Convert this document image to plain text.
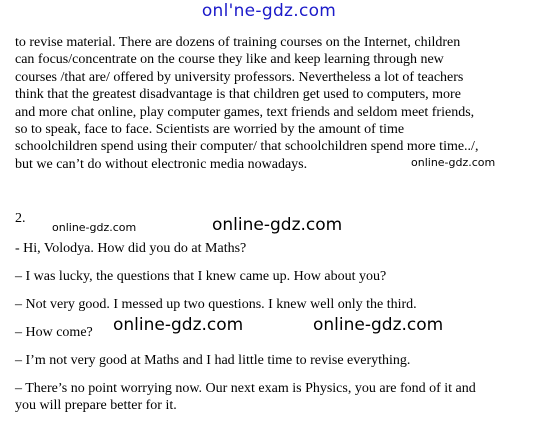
onl'ne-gdz.com
to revise material. There are dozens of training courses on the Internet, children
can focus/concentrate on the course they like and keep learning through new
courses /that are/ offered by university professors. Nevertheless a lot of teachers
think that the greatest disadvantage is that children get used to computers, more
and more chat online, play computer games, text friends and seldom meet friends,
so to speak, face to face. Scientists are worried by the amount of time
schoolchildren spend using their computer/ that schoolchildren spend more time../,
but we can’t do without electronic media nowadays.	online-gdz.com
2.
online-gdz.com	online-gdz.com
- Hi, Volodya. How did you do at Maths?
– I was lucky, the questions that I knew came up. How about you?
– Not very good. I messed up two questions. I knew well only the third.
– How come? online-gdz.com	online-gdz.com
– I’m not very good at Maths and I had little time to revise everything.
– There’s no point worrying now. Our next exam is Physics, you are fond of it and
you will prepare better for it.
